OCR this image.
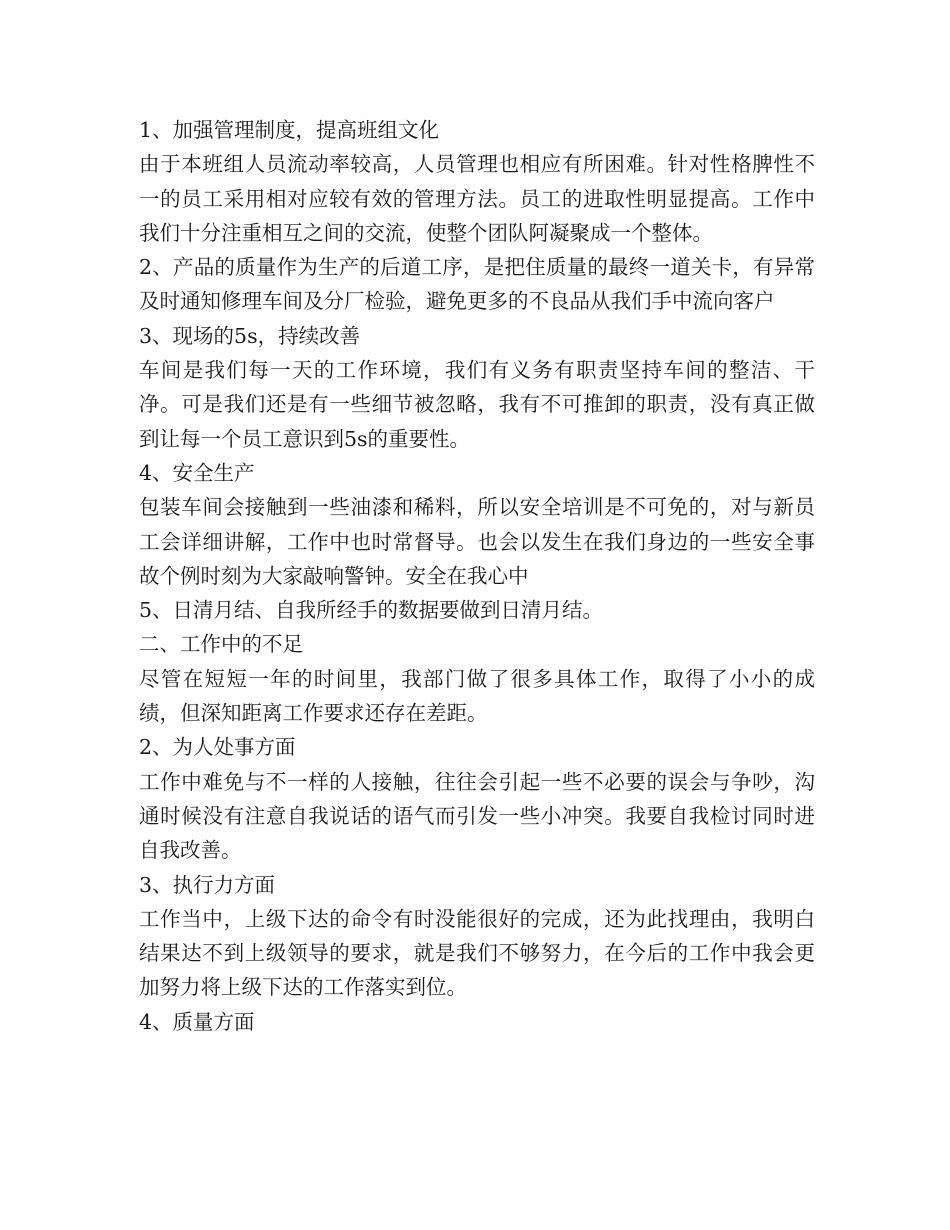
1、加强管理制度，提高班组文化

由于本班组人员流动率较高，人员管理也相应有所困难。针对性格脾性不一的员工采用相对应较有效的管理方法。员工的进取性明显提高。工作中我们十分注重相互之间的交流，使整个团队阿凝聚成一个整体。

2、产品的质量作为生产的后道工序，是把住质量的最终一道关卡，有异常及时通知修理车间及分厂检验，避免更多的不良品从我们手中流向客户

3、现场的5s，持续改善

车间是我们每一天的工作环境，我们有义务有职责坚持车间的整洁、干净。可是我们还是有一些细节被忽略，我有不可推卸的职责，没有真正做到让每一个员工意识到5s的重要性。

4、安全生产

包装车间会接触到一些油漆和稀料，所以安全培训是不可免的，对与新员工会详细讲解，工作中也时常督导。也会以发生在我们身边的一些安全事故个例时刻为大家敲响警钟。安全在我心中

5、日清月结、自我所经手的数据要做到日清月结。

二、工作中的不足

尽管在短短一年的时间里，我部门做了很多具体工作，取得了小小的成绩，但深知距离工作要求还存在差距。

2、为人处事方面

工作中难免与不一样的人接触，往往会引起一些不必要的误会与争吵，沟通时候没有注意自我说话的语气而引发一些小冲突。我要自我检讨同时进自我改善。

3、执行力方面

工作当中，上级下达的命令有时没能很好的完成，还为此找理由，我明白结果达不到上级领导的要求，就是我们不够努力，在今后的工作中我会更加努力将上级下达的工作落实到位。

4、质量方面
